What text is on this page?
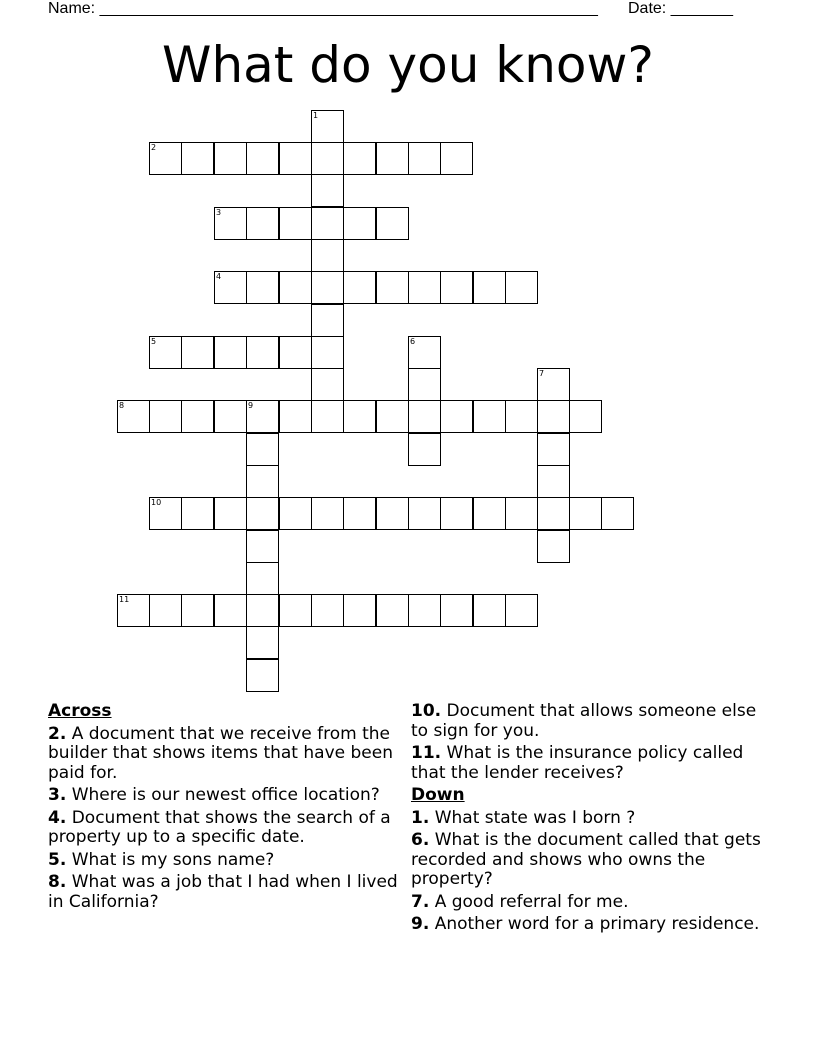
Name: ________________________________________________________ Date: _______
What do you know?
1
2
3
4
5	6
7
8	9
10
11
Across
2. A document that we receive from the builder that shows items that have been paid for.
3. Where is our newest office location?
4. Document that shows the search of a property up to a specific date.
5. What is my sons name?
8. What was a job that I had when I lived in California?
10. Document that allows someone else to sign for you.
11. What is the insurance policy called that the lender receives?
Down
1. What state was I born ?
6. What is the document called that gets recorded and shows who owns the property?
7. A good referral for me.
9. Another word for a primary residence.
